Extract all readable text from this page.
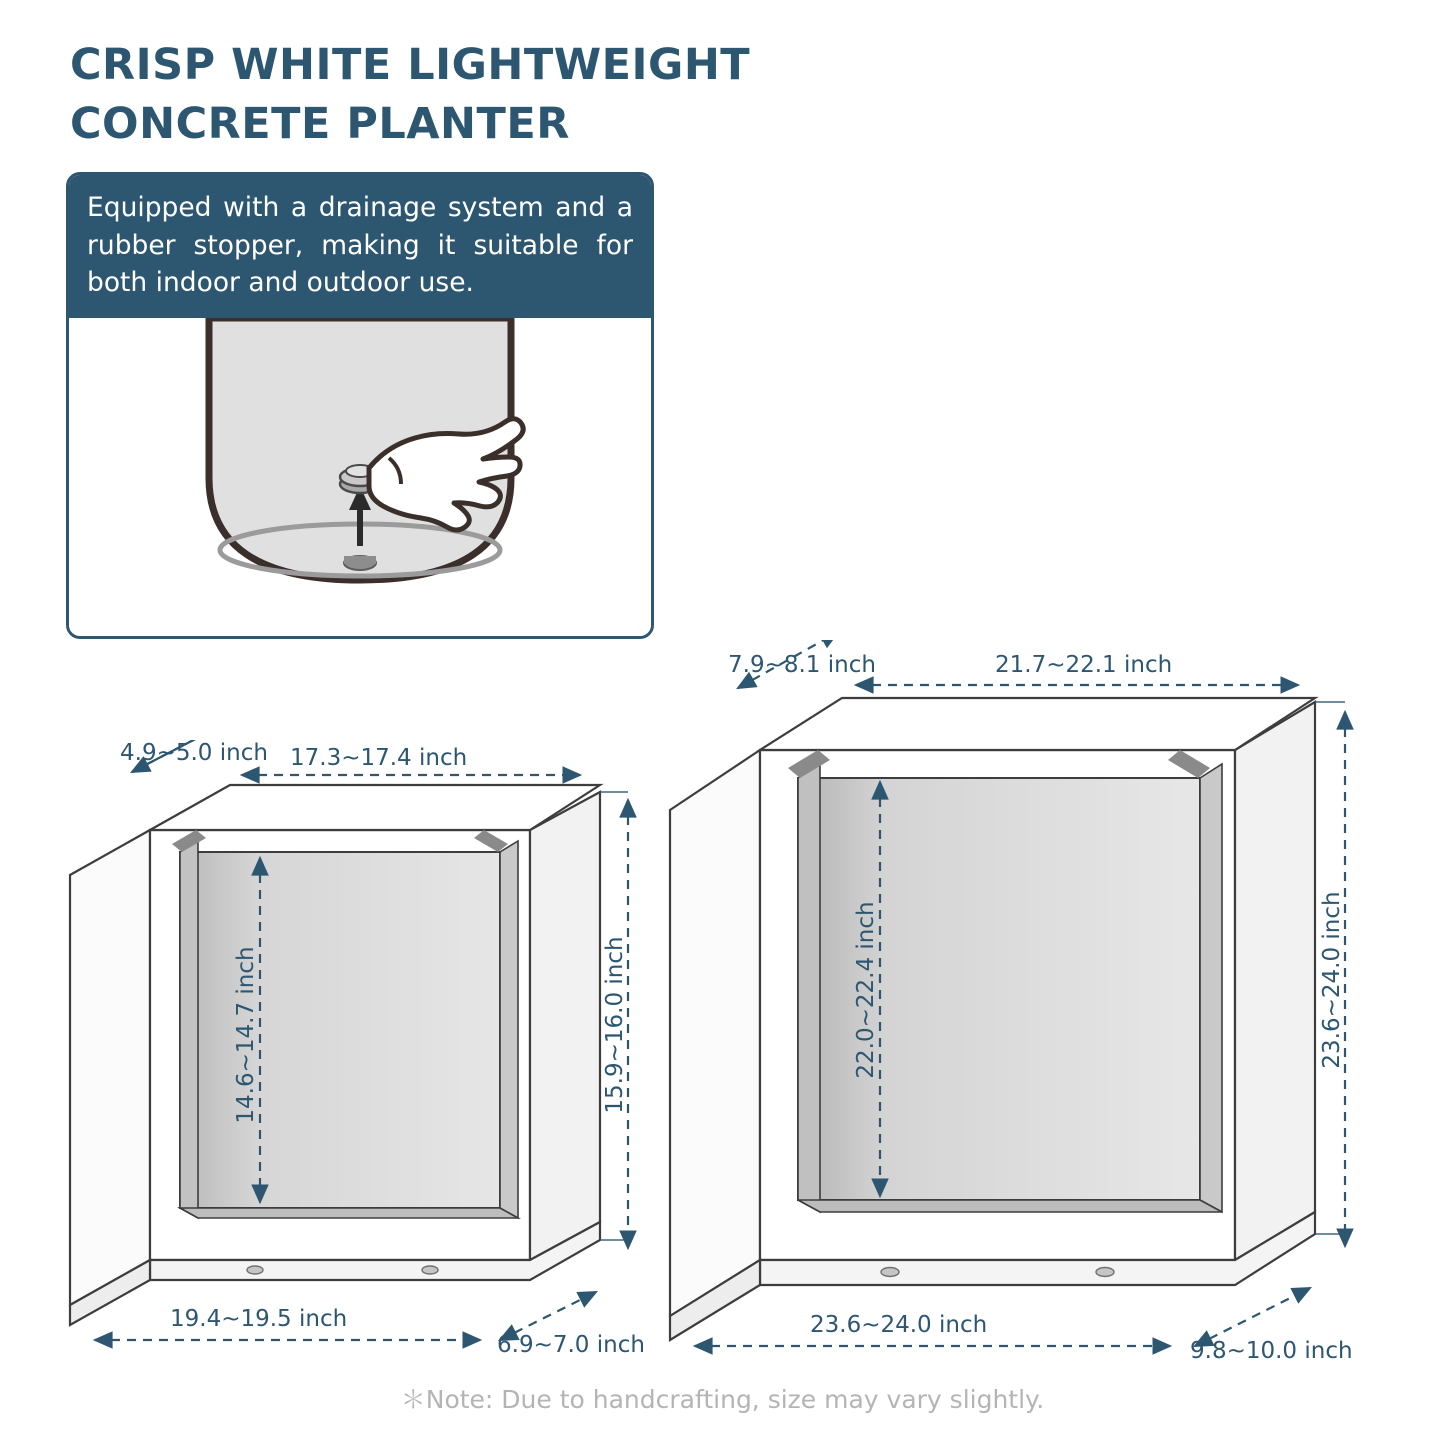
CRISP WHITE LIGHTWEIGHT
CONCRETE PLANTER
Equipped with a drainage system and a rubber stopper, making it suitable for both indoor and outdoor use.
4.9~5.0 inch 17.3~17.4 inch
14.6~14.7 inch	15.9~16.0 inch
19.4~19.5 inch
6.9~7.0 inch
7.9~8.1 inch	21.7~22.1 inch
22.0~22.4 inch	23.6~24.0 inch
23.6~24.0 inch
9.8~10.0 inch
＊Note: Due to handcrafting, size may vary slightly.
